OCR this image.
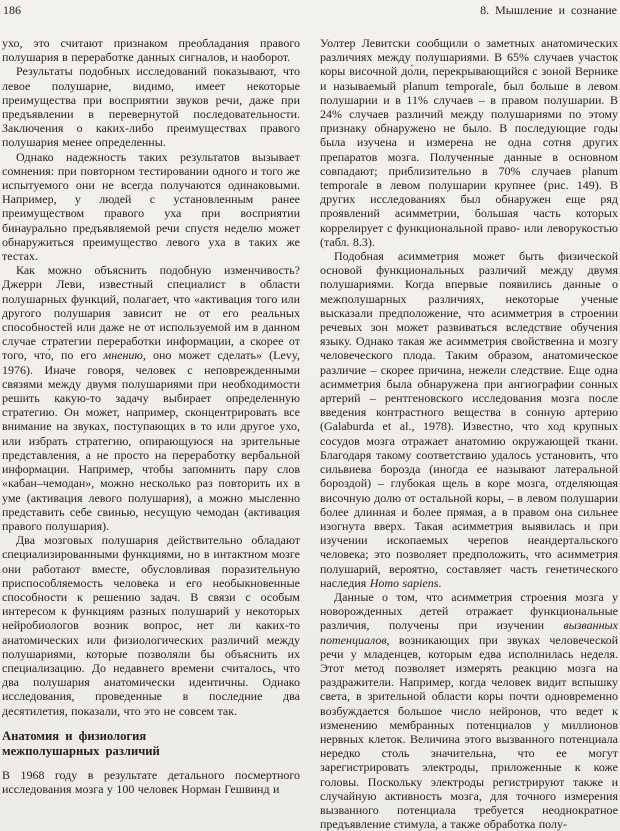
186	8. Мышление и сознание

ухо, это считают признаком преобладания правого полушария в переработке данных сигналов, и наоборот.

Результаты подобных исследований показывают, что левое полушарие, видимо, имеет некоторые преимущества при восприятии звуков речи, даже при предъявлении в перевернутой последовательности. Заключения о каких-либо преимуществах правого полушария менее определенны.

Однако надежность таких результатов вызывает сомнения: при повторном тестировании одного и того же испытуемого они не всегда получаются одинаковыми. Например, у людей с установленным ранее преимуществом правого уха при восприятии бинаурально предъявляемой речи спустя неделю может обнаружиться преимущество левого уха в таких же тестах.

Как можно объяснить подобную изменчивость? Джерри Леви, известный специалист в области полушарных функций, полагает, что «активация того или другого полушария зависит не от его реальных способностей или даже не от используемой им в данном случае стратегии переработки информации, а скорее от того, что́, по его мнению, оно может сделать» (Levy, 1976). Иначе говоря, человек с неповрежденными связями между двумя полушариями при необходимости решить какую-то задачу выбирает определенную стратегию. Он может, например, сконцентрировать все внимание на звуках, поступающих в то или другое ухо, или избрать стратегию, опирающуюся на зрительные представления, а не просто на переработку вербальной информации. Например, чтобы запомнить пару слов «кабан–чемодан», можно несколько раз повторить их в уме (активация левого полушария), а можно мысленно представить себе свинью, несущую чемодан (активация правого полушария).

Два мозговых полушария действительно обладают специализированными функциями, но в интактном мозге они работают вместе, обусловливая поразительную приспособляемость человека и его необыкновенные способности к решению задач. В связи с особым интересом к функциям разных полушарий у некоторых нейробиологов возник вопрос, нет ли каких-то анатомических или физиологических различий между полушариями, которые позволяли бы объяснить их специализацию. До недавнего времени считалось, что два полушария анатомически идентичны. Однако исследования, проведенные в последние два десятилетия, показали, что это не совсем так.

Анатомия и физиология
межполушарных различий

В 1968 году в результате детального посмертного исследования мозга у 100 человек Норман Гешвинд и

Уолтер Левитски сообщили о заметных анатомических различиях между полушариями. В 65% случаев участок коры височной до́ли, перекрывающийся с зоной Вернике и называемый planum temporale, был больше в левом полушарии и в 11% случаев – в правом полушарии. В 24% случаев различий между полушариями по этому признаку обнаружено не было. В последующие годы была изучена и измерена не одна сотня других препаратов мозга. Полученные данные в основном совпадают; приблизительно в 70% случаев planum temporale в левом полушарии крупнее (рис. 149). В других исследованиях был обнаружен еще ряд проявлений асимметрии, большая часть которых коррелирует с функциональной право- или леворукостью (табл. 8.3).

Подобная асимметрия может быть физической основой функциональных различий между двумя полушариями. Когда впервые появились данные о межполушарных различиях, некоторые ученые высказали предположение, что асимметрия в строении речевых зон может развиваться вследствие обучения языку. Однако такая же асимметрия свойственна и мозгу человеческого плода. Таким образом, анатомическое различие – скорее причина, нежели следствие. Еще одна асимметрия была обнаружена при ангиографии сонных артерий – рентгеновского исследования мозга после введения контрастного вещества в сонную артерию (Galaburda et al., 1978). Известно, что ход крупных сосудов мозга отражает анатомию окружающей ткани. Благодаря такому соответствию удалось установить, что сильвиева борозда (иногда ее называют латеральной бороздой) – глубокая щель в коре мозга, отделяющая височную долю от остальной коры, – в левом полушарии более длинная и более прямая, а в правом она сильнее изогнута вверх. Такая асимметрия выявилась и при изучении ископаемых черепов неандертальского человека; это позволяет предположить, что асимметрия полушарий, вероятно, составляет часть генетического наследия Homo sapiens.

Данные о том, что асимметрия строения мозга у новорожденных детей отражает функциональные различия, получены при изучении вызванных потенциалов, возникающих при звуках человеческой речи у младенцев, которым едва исполнилась неделя. Этот метод позволяет измерять реакцию мозга на раздражители. Например, когда человек видит вспышку света, в зрительной области коры почти одновременно возбуждается большое число нейронов, что ведет к изменению мембранных потенциалов у миллионов нервных клеток. Величина этого вызванного потенциала нередко столь значительна, что ее могут зарегистрировать электроды, приложенные к коже головы. Поскольку электроды регистрируют также и случайную активность мозга, для точного измерения вызванного потенциала требуется неоднократное предъявление стимула, а также обработка полу-
